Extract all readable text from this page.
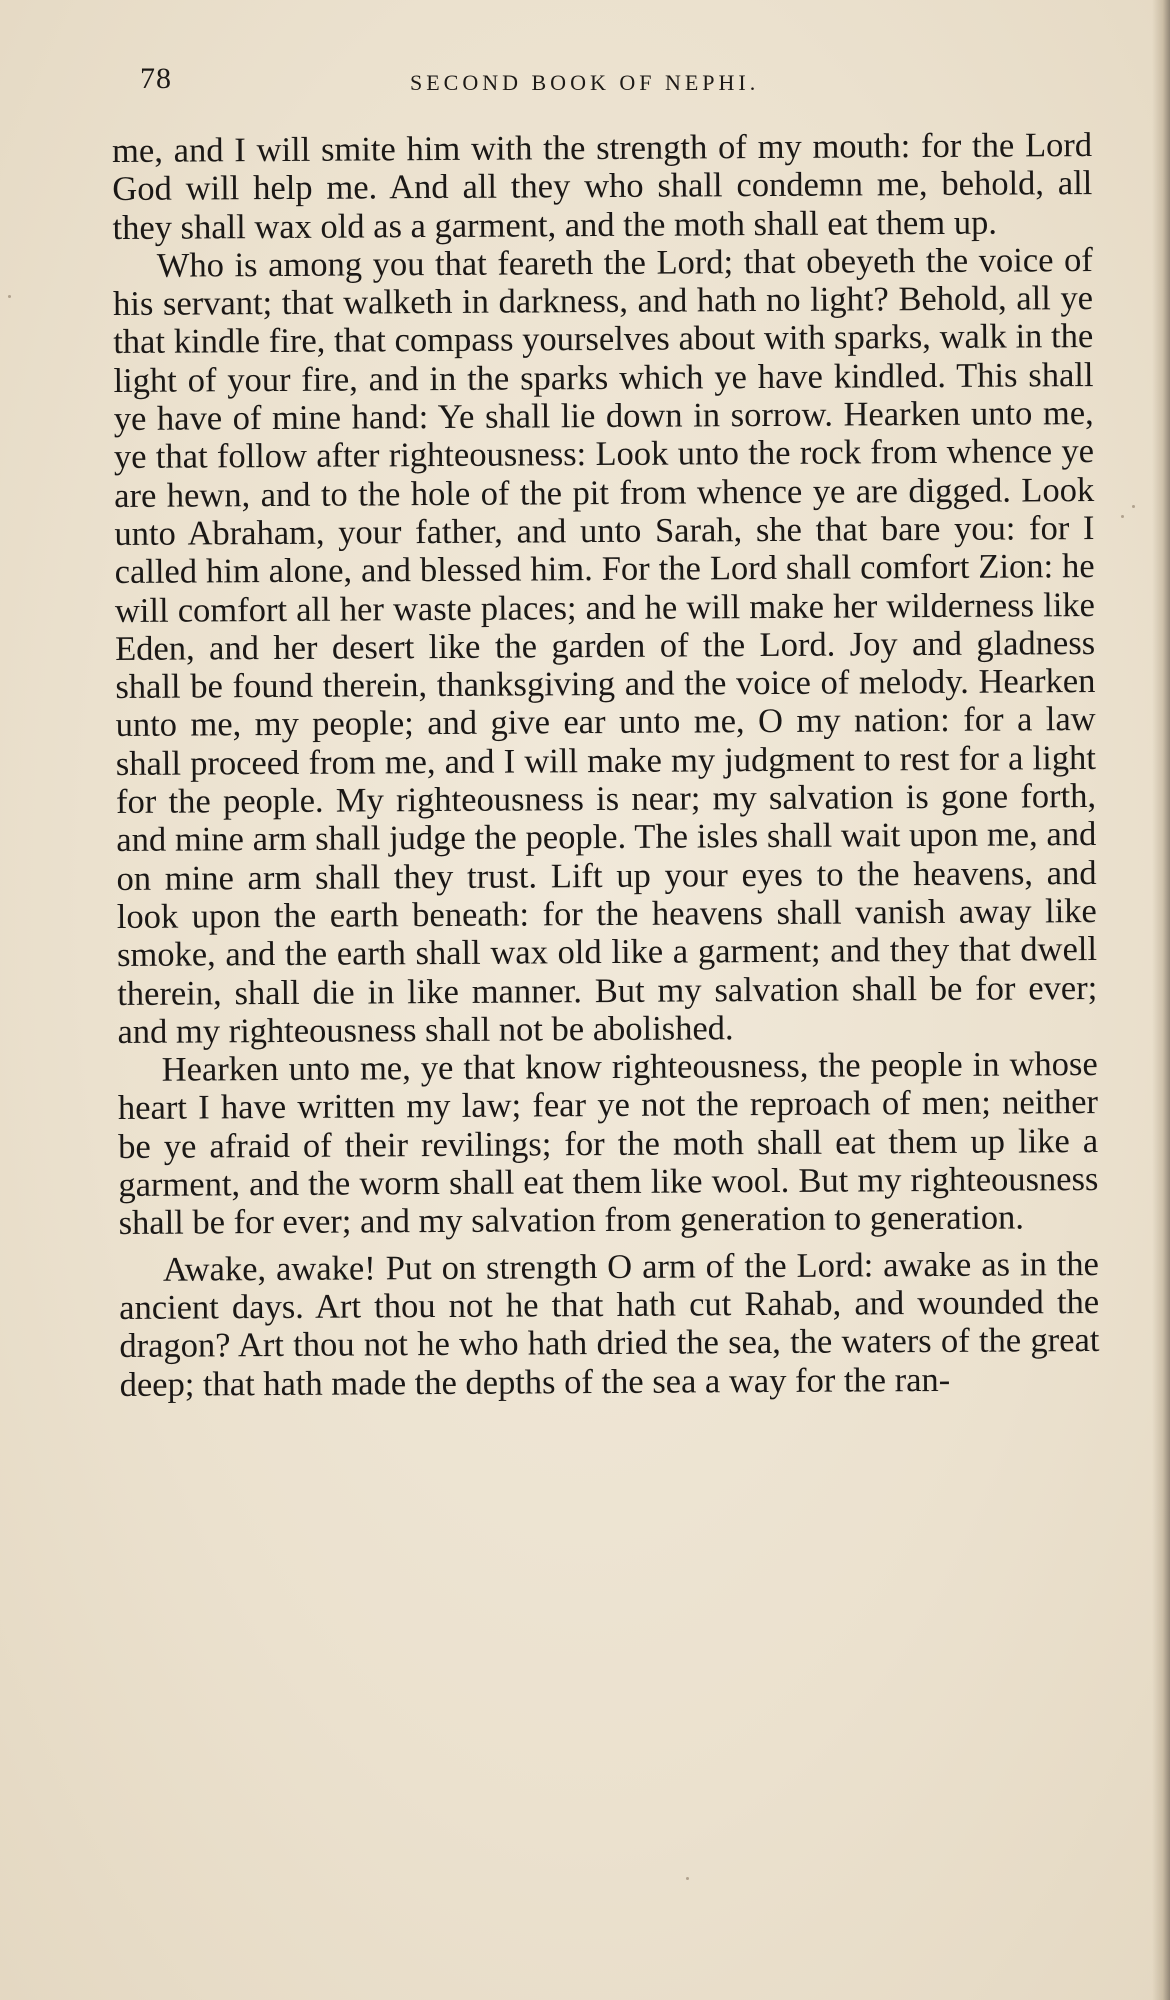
78	SECOND BOOK OF NEPHI.

me, and I will smite him with the strength of my mouth: for the Lord God will help me. And all they who shall condemn me, behold, all they shall wax old as a garment, and the moth shall eat them up.

Who is among you that feareth the Lord; that obeyeth the voice of his servant; that walketh in darkness, and hath no light? Behold, all ye that kindle fire, that compass yourselves about with sparks, walk in the light of your fire, and in the sparks which ye have kindled. This shall ye have of mine hand: Ye shall lie down in sorrow. Hearken unto me, ye that follow after righteousness: Look unto the rock from whence ye are hewn, and to the hole of the pit from whence ye are digged. Look unto Abraham, your father, and unto Sarah, she that bare you: for I called him alone, and blessed him. For the Lord shall comfort Zion: he will comfort all her waste places; and he will make her wilderness like Eden, and her desert like the garden of the Lord. Joy and gladness shall be found therein, thanksgiving and the voice of melody. Hearken unto me, my people; and give ear unto me, O my nation: for a law shall proceed from me, and I will make my judgment to rest for a light for the people. My righteousness is near; my salvation is gone forth, and mine arm shall judge the people. The isles shall wait upon me, and on mine arm shall they trust. Lift up your eyes to the heavens, and look upon the earth beneath: for the heavens shall vanish away like smoke, and the earth shall wax old like a garment; and they that dwell therein, shall die in like manner. But my salvation shall be for ever; and my righteousness shall not be abolished.

Hearken unto me, ye that know righteousness, the people in whose heart I have written my law; fear ye not the reproach of men; neither be ye afraid of their revilings; for the moth shall eat them up like a garment, and the worm shall eat them like wool. But my righteousness shall be for ever; and my salvation from generation to generation.

Awake, awake! Put on strength O arm of the Lord: awake as in the ancient days. Art thou not he that hath cut Rahab, and wounded the dragon? Art thou not he who hath dried the sea, the waters of the great deep; that hath made the depths of the sea a way for the ran-
